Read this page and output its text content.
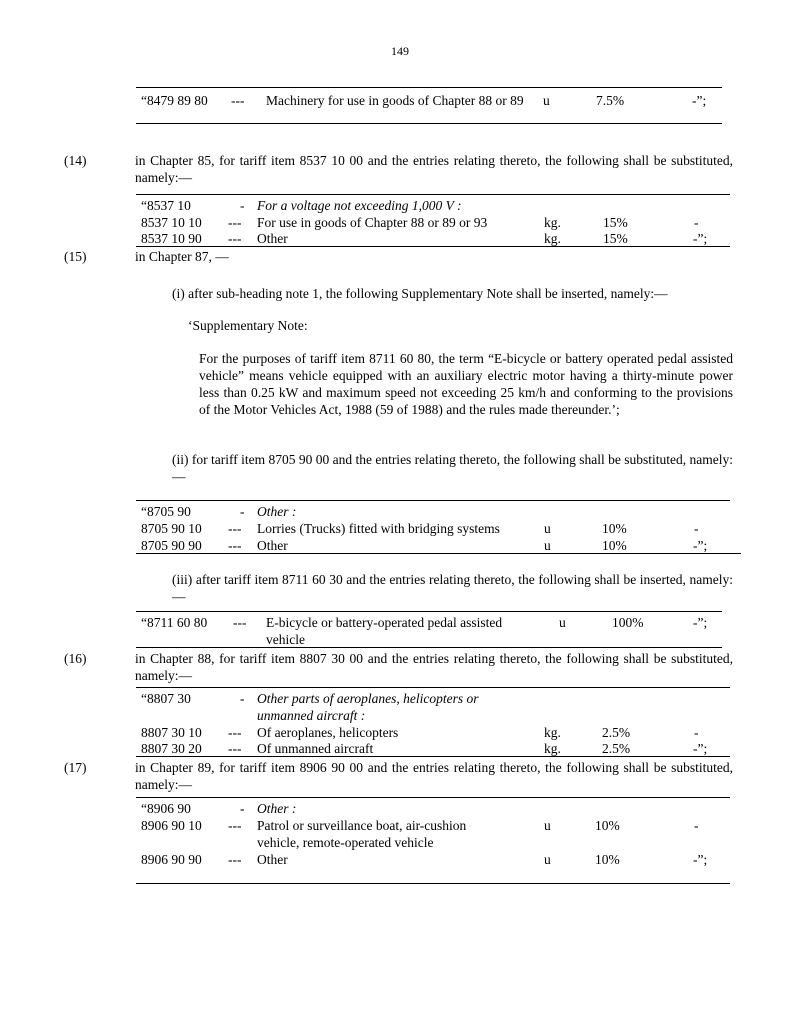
149
“8479 89 80 --- Machinery for use in goods of Chapter 88 or 89	u	7.5%	-”;
(14)	in Chapter 85, for tariff item 8537 10 00 and the entries relating thereto, the following shall be substituted, namely:—
“8537 10	- For a voltage not exceeding 1,000 V :
8537 10 10 --- For use in goods of Chapter 88 or 89 or 93	kg.	15%	-
8537 10 90 --- Other	kg.	15%	-”;
(15)	in Chapter 87, —
(i) after sub-heading note 1, the following Supplementary Note shall be inserted, namely:—
‘Supplementary Note:
For the purposes of tariff item 8711 60 80, the term “E-bicycle or battery operated pedal assisted vehicle” means vehicle equipped with an auxiliary electric motor having a thirty-minute power less than 0.25 kW and maximum speed not exceeding 25 km/h and conforming to the provisions of the Motor Vehicles Act, 1988 (59 of 1988) and the rules made thereunder.’;
(ii) for tariff item 8705 90 00 and the entries relating thereto, the following shall be substituted, namely:—
“8705 90	- Other :
8705 90 10 --- Lorries (Trucks) fitted with bridging systems	u	10%	-
8705 90 90 --- Other	u	10%	-”;
(iii) after tariff item 8711 60 30 and the entries relating thereto, the following shall be inserted, namely:—
“8711 60 80 --- E-bicycle or battery-operated pedal assisted vehicle
u	100%	-”;
(16)	in Chapter 88, for tariff item 8807 30 00 and the entries relating thereto, the following shall be substituted, namely:—
“8807 30	- Other parts of aeroplanes, helicopters or unmanned aircraft :
8807 30 10 --- Of aeroplanes, helicopters	kg.	2.5%	-
8807 30 20 --- Of unmanned aircraft	kg.	2.5%	-”;
(17)	in Chapter 89, for tariff item 8906 90 00 and the entries relating thereto, the following shall be substituted, namely:—
“8906 90	- Other :
8906 90 10 --- Patrol or surveillance boat, air-cushion vehicle, remote-operated vehicle
u	10%	-
8906 90 90 --- Other	u	10%	-”;
